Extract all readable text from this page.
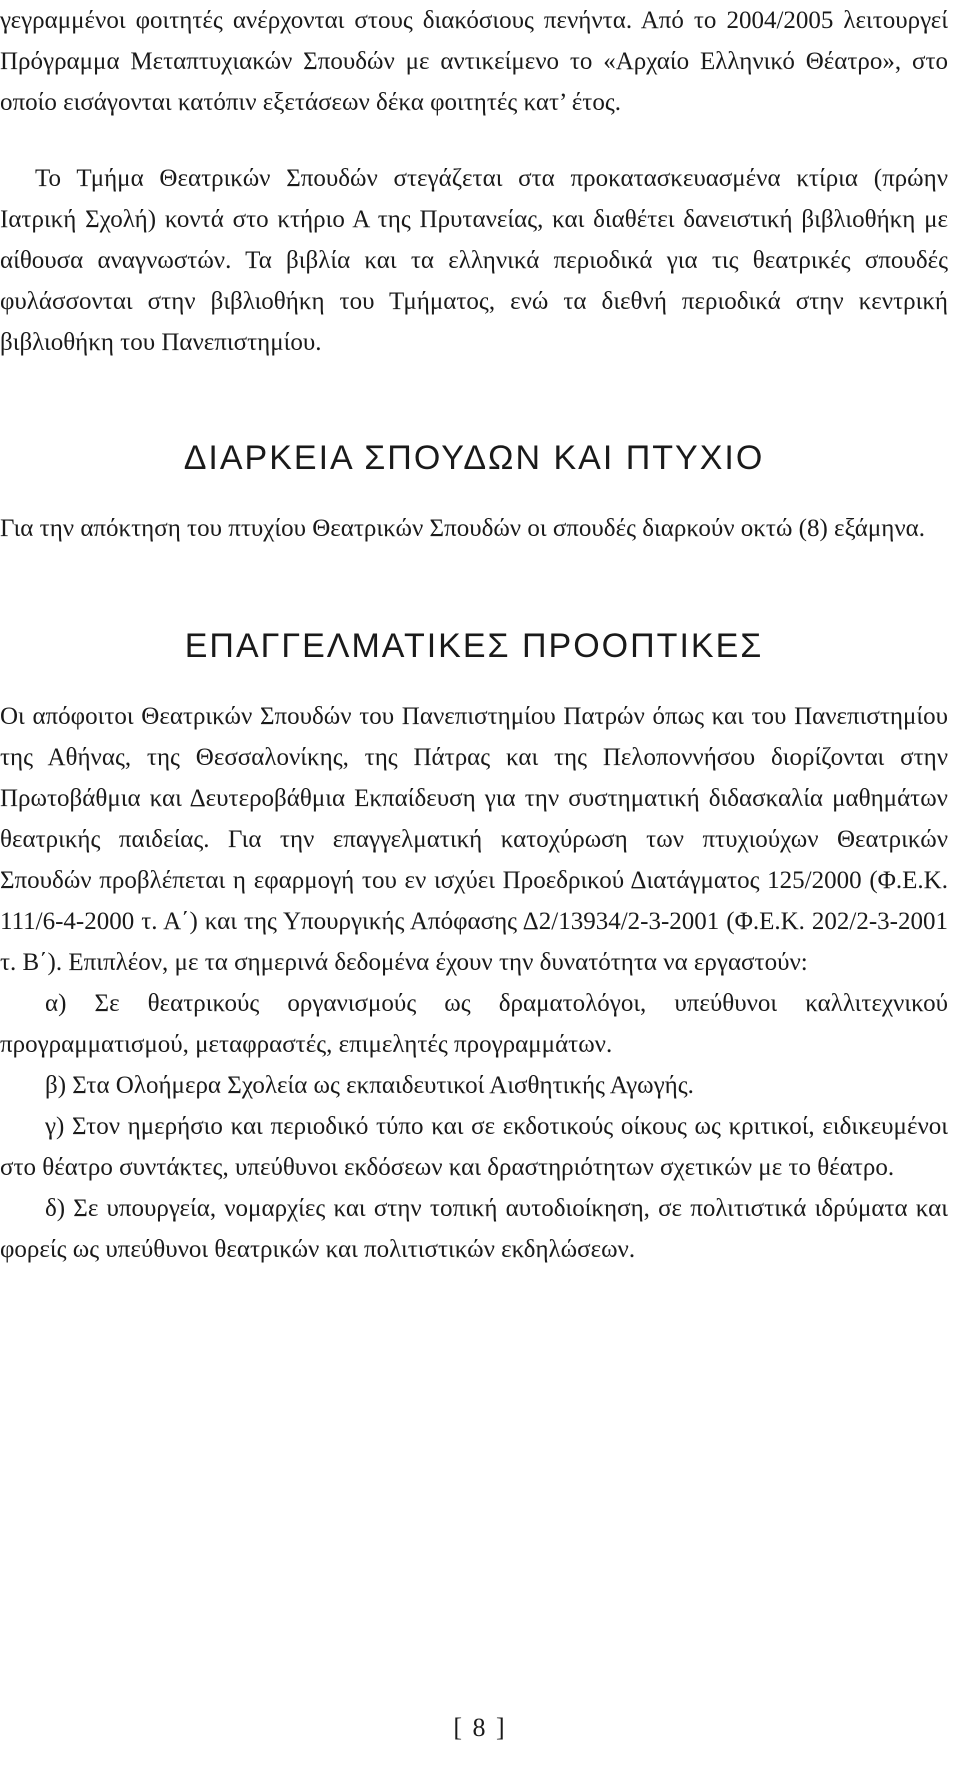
γεγραμμένοι φοιτητές ανέρχονται στους διακόσιους πενήντα. Από το 2004/2005 λειτουργεί Πρόγραμμα Μεταπτυχιακών Σπουδών με αντικείμενο το «Αρχαίο Ελληνικό Θέατρο», στο οποίο εισάγονται κατόπιν εξετάσεων δέκα φοιτητές κατ’ έτος.

Το Τμήμα Θεατρικών Σπουδών στεγάζεται στα προκατασκευασμένα κτίρια (πρώην Ιατρική Σχολή) κοντά στο κτήριο Α της Πρυτανείας, και διαθέτει δανειστική βιβλιοθήκη με αίθουσα αναγνωστών. Τα βιβλία και τα ελληνικά περιοδικά για τις θεατρικές σπουδές φυλάσσονται στην βιβλιοθήκη του Τμήματος, ενώ τα διεθνή περιοδικά στην κεντρική βιβλιοθήκη του Πανεπιστημίου.

ΔΙΑΡΚΕΙΑ ΣΠΟΥΔΩΝ ΚΑΙ ΠΤΥΧΙΟ

Για την απόκτηση του πτυχίου Θεατρικών Σπουδών οι σπουδές διαρκούν οκτώ (8) εξάμηνα.

ΕΠΑΓΓΕΛΜΑΤΙΚΕΣ ΠΡΟΟΠΤΙΚΕΣ

Οι απόφοιτοι Θεατρικών Σπουδών του Πανεπιστημίου Πατρών όπως και του Πανεπιστημίου της Αθήνας, της Θεσσαλονίκης, της Πάτρας και της Πελοποννήσου διορίζονται στην Πρωτοβάθμια και Δευτεροβάθμια Εκπαίδευση για την συστηματική διδασκαλία μαθημάτων θεατρικής παιδείας. Για την επαγγελματική κατοχύρωση των πτυχιούχων Θεατρικών Σπουδών προβλέπεται η εφαρμογή του εν ισχύει Προεδρικού Διατάγματος 125/2000 (Φ.Ε.Κ. 111/6-4-2000 τ. Α΄) και της Υπουργικής Απόφασης Δ2/13934/2-3-2001 (Φ.Ε.Κ. 202/2-3-2001 τ. Β΄). Επιπλέον, με τα σημερινά δεδομένα έχουν την δυνατότητα να εργαστούν:

α) Σε θεατρικούς οργανισμούς ως δραματολόγοι, υπεύθυνοι καλλιτεχνικού προγραμματισμού, μεταφραστές, επιμελητές προγραμμάτων.

β) Στα Ολοήμερα Σχολεία ως εκπαιδευτικοί Αισθητικής Αγωγής.

γ) Στον ημερήσιο και περιοδικό τύπο και σε εκδοτικούς οίκους ως κριτικοί, ειδικευμένοι στο θέατρο συντάκτες, υπεύθυνοι εκδόσεων και δραστηριότητων σχετικών με το θέατρο.

δ) Σε υπουργεία, νομαρχίες και στην τοπική αυτοδιοίκηση, σε πολιτιστικά ιδρύματα και φορείς ως υπεύθυνοι θεατρικών και πολιτιστικών εκδηλώσεων.

[ 8 ]
